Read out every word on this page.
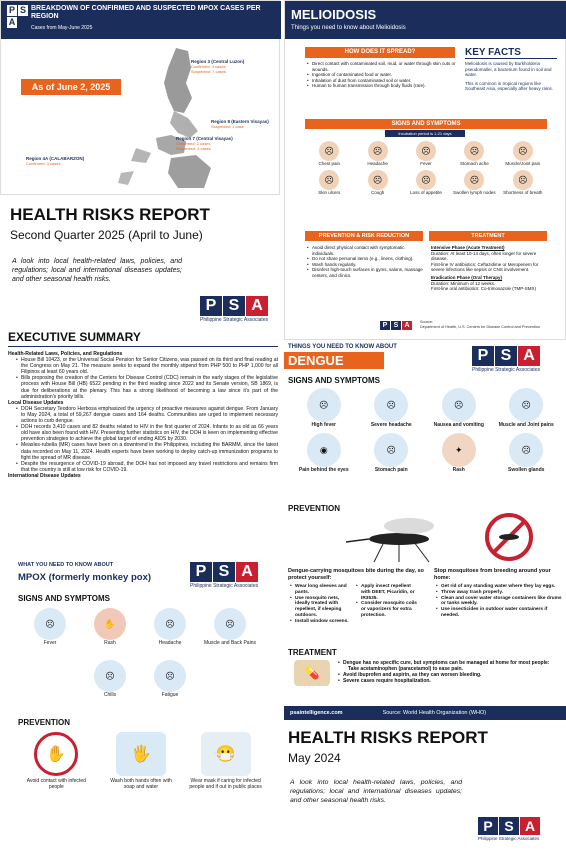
P S
A
BREAKDOWN OF CONFIRMED AND SUSPECTED MPOX CASES PER REGION
Cases from May-June 2025
As of June 2, 2025
Region 3 (Central Luzon)
Confirmed: 4 cases
Suspected: 7 cases
Region 7 (Central Visayas)
Confirmed: 2 cases
Suspected: 3 cases
Region 8 (Eastern Visayas)
Suspected: 1 case
Region 4A (CALABARZON)
Confirmed: 3 cases
HEALTH RISKS REPORT
Second Quarter 2025 (April to June)
A look into local health-related laws, policies, and regulations; local and international diseases updates; and other seasonal health risks.
P S A
Philippine Strategic Associates
MELIOIDOSIS
Things you need to know about Melioidosis
HOW DOES IT SPREAD?
• Direct contact with contaminated soil, mud, or water through skin cuts or wounds.
• Ingestion of contaminated food or water.
• Inhalation of dust from contaminated soil or water.
• Human to human transmission through body fluids (rare).
KEY FACTS
Melioidosis is caused by Burkholderia pseudomallei, a bacterium found in soil and water.
This is common in tropical regions like Southeast Asia, especially after heavy rains.
SIGNS AND SYMPTOMS
Incubation period is 1-21 days
☹
Chest pain
☹
Headache
☹
Fever
☹
Stomach ache
☹
Muscle/Joint pain
☹
Skin ulcers
☹
Cough
☹
Loss of appetite
☹
Swollen lymph nodes
☹
Shortness of breath
PREVENTION & RISK REDUCTION
• Avoid direct physical contact with symptomatic individuals.
• Do not share personal items (e.g., linens, clothing).
• Wash hands regularly.
• Disinfect high-touch surfaces in gyms, salons, massage centers, and clinics.
TREATMENT
Intensive Phase (Acute Treatment)
Duration: At least 10-14 days, often longer for severe disease.
First-line IV antibiotics: Ceftazidime or Meropenem for severe infections like sepsis or CNS involvement.
Eradication Phase (Oral Therapy)
Duration: Minimum of 12 weeks.
First-line oral antibiotics: Co-trimoxazole (TMP-SMX)
P S A	Source:
Department of Health, U.S. Centers for Disease Control and Prevention
EXECUTIVE SUMMARY
Health-Related Laws, Policies, and Regulations
• House Bill 10423, or the Universal Social Pension for Senior Citizens, was passed on its third and final reading at the Congress on May 21. The measure seeks to expand the monthly stipend from PHP 500 to PHP 1,000 for all Filipinos at least 60 years old.
• Bills proposing the creation of the Centers for Disease Control (CDC) remain in the early stages of the legislative process with House Bill (HB) 6522 pending in the third reading since 2022 and its Senate version, SB 1869, is due for deliberations at the plenary. This has a strong likelihood of becoming a law since it's part of the administration's priority bills.
Local Disease Updates
• DOH Secretary Teodoro Herbosa emphasized the urgency of proactive measures against dengue. From January to May 2024, a total of 59,267 dengue cases and 164 deaths. Communities are urged to implement necessary actions to curb dengue.
• DOH records 3,410 cases and 82 deaths related to HIV in the first quarter of 2024. Infants to as old as 66 years old have also been found with HIV. Presenting further statistics on HIV, the DOH is keen on implementing effective prevention strategies to achieve the global target of ending AIDS by 2030.
• Measles-rubella (MR) cases have been on a downtrend in the Philippines, including the BARMM, since the latest data recorded on May 11, 2024. Health experts have been working to deploy catch-up immunization programs to fight the spread of MR disease.
• Despite the resurgence of COVID-19 abroad, the DOH has not imposed any travel restrictions and remains firm that the country is still at low risk for COVID-19.
International Disease Updates
THINGS YOU NEED TO KNOW ABOUT
DENGUE	P S A
Philippine Strategic Associates
SIGNS AND SYMPTOMS
☹
High fever
☹
Severe headache
☹
Nausea and vomiting
☹
Muscle and Joint pains
◉
Pain behind the eyes
☹
Stomach pain
✦
Rash
☹
Swollen glands
PREVENTION
Dengue-carrying mosquitoes bite during the day, so protect yourself:
• Wear long sleeves and pants.
• Use mosquito nets, ideally treated with repellent, if sleeping outdoors.
• Install window screens.
• Apply insect repellent with DEET, Picaridin, or IR3535.
• Consider mosquito coils or vaporizers for extra protection.
Stop mosquitoes from breeding around your home:
• Get rid of any standing water where they lay eggs.
• Throw away trash properly.
• Clean and cover water storage containers like drums or tanks weekly.
• Use insecticides in outdoor water containers if needed.
TREATMENT
💊
• Dengue has no specific cure, but symptoms can be managed at home for most people:
Take acetaminophen (paracetamol) to ease pain.
• Avoid ibuprofen and aspirin, as they can worsen bleeding.
• Severe cases require hospitalization.
psaintelligence.com	Source: World Health Organization (WHO)
WHAT YOU NEED TO KNOW ABOUT
MPOX (formerly monkey pox)	P S A
Philippine Strategic Associates
SIGNS AND SYMPTOMS
☹
Fever
✋
Rash
☹
Headache
☹
Muscle and Back Pains
☹
Chills
☹
Fatigue
PREVENTION
✋
Avoid contact with infected people
🖐
Wash both hands often with soap and water
😷
Wear mask if caring for infected people and if out in public places
HEALTH RISKS REPORT
May 2024
A look into local health-related laws, policies, and regulations; local and international diseases updates; and other seasonal health risks.
P S A
Philippine Strategic Associates
